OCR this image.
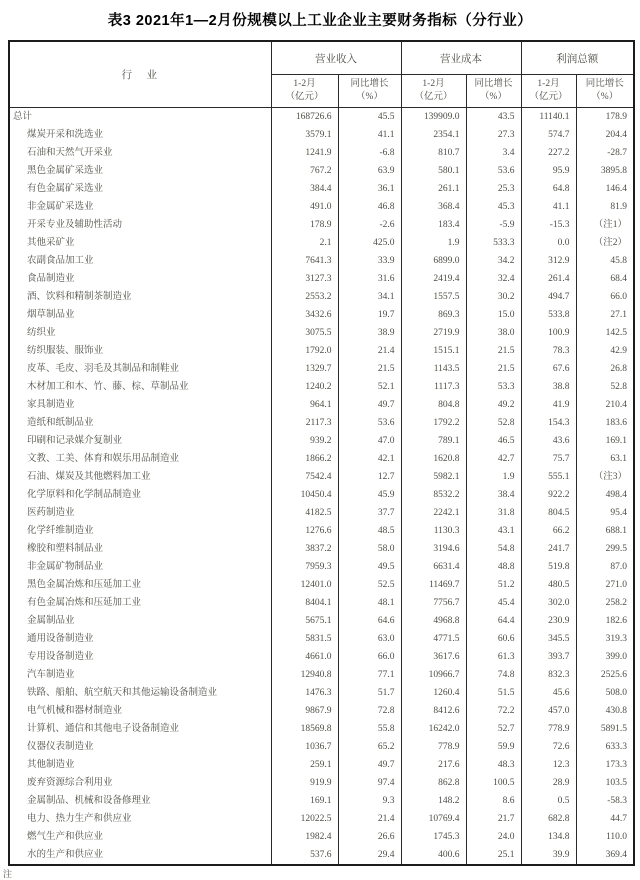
表3 2021年1—2月份规模以上工业企业主要财务指标（分行业）
行　业	营业收入		营业成本		利润总额	

1-2月
（亿元）

同比增长
（%）

1-2月
（亿元）

同比增长
（%）

1-2月
（亿元）

同比增长
（%）

总计	168726.6	45.5	139909.0	43.5	11140.1	178.9
煤炭开采和洗选业	3579.1	41.1	2354.1	27.3	574.7	204.4
石油和天然气开采业	1241.9	-6.8	810.7	3.4	227.2	-28.7
黑色金属矿采选业	767.2	63.9	580.1	53.6	95.9	3895.8
有色金属矿采选业	384.4	36.1	261.1	25.3	64.8	146.4
非金属矿采选业	491.0	46.8	368.4	45.3	41.1	81.9
开采专业及辅助性活动	178.9	-2.6	183.4	-5.9	-15.3	（注1）
其他采矿业	2.1	425.0	1.9	533.3	0.0	（注2）
农副食品加工业	7641.3	33.9	6899.0	34.2	312.9	45.8
食品制造业	3127.3	31.6	2419.4	32.4	261.4	68.4
酒、饮料和精制茶制造业	2553.2	34.1	1557.5	30.2	494.7	66.0
烟草制品业	3432.6	19.7	869.3	15.0	533.8	27.1
纺织业	3075.5	38.9	2719.9	38.0	100.9	142.5
纺织服装、服饰业	1792.0	21.4	1515.1	21.5	78.3	42.9
皮革、毛皮、羽毛及其制品和制鞋业	1329.7	21.5	1143.5	21.5	67.6	26.8
木材加工和木、竹、藤、棕、草制品业	1240.2	52.1	1117.3	53.3	38.8	52.8
家具制造业	964.1	49.7	804.8	49.2	41.9	210.4
造纸和纸制品业	2117.3	53.6	1792.2	52.8	154.3	183.6
印刷和记录媒介复制业	939.2	47.0	789.1	46.5	43.6	169.1
文教、工美、体育和娱乐用品制造业	1866.2	42.1	1620.8	42.7	75.7	63.1
石油、煤炭及其他燃料加工业	7542.4	12.7	5982.1	1.9	555.1	（注3）
化学原料和化学制品制造业	10450.4	45.9	8532.2	38.4	922.2	498.4
医药制造业	4182.5	37.7	2242.1	31.8	804.5	95.4
化学纤维制造业	1276.6	48.5	1130.3	43.1	66.2	688.1
橡胶和塑料制品业	3837.2	58.0	3194.6	54.8	241.7	299.5
非金属矿物制品业	7959.3	49.5	6631.4	48.8	519.8	87.0
黑色金属冶炼和压延加工业	12401.0	52.5	11469.7	51.2	480.5	271.0
有色金属冶炼和压延加工业	8404.1	48.1	7756.7	45.4	302.0	258.2
金属制品业	5675.1	64.6	4968.8	64.4	230.9	182.6
通用设备制造业	5831.5	63.0	4771.5	60.6	345.5	319.3
专用设备制造业	4661.0	66.0	3617.6	61.3	393.7	399.0
汽车制造业	12940.8	77.1	10966.7	74.8	832.3	2525.6
铁路、船舶、航空航天和其他运输设备制造业	1476.3	51.7	1260.4	51.5	45.6	508.0
电气机械和器材制造业	9867.9	72.8	8412.6	72.2	457.0	430.8
计算机、通信和其他电子设备制造业	18569.8	55.8	16242.0	52.7	778.9	5891.5
仪器仪表制造业	1036.7	65.2	778.9	59.9	72.6	633.3
其他制造业	259.1	49.7	217.6	48.3	12.3	173.3
废弃资源综合利用业	919.9	97.4	862.8	100.5	28.9	103.5
金属制品、机械和设备修理业	169.1	9.3	148.2	8.6	0.5	-58.3
电力、热力生产和供应业	12022.5	21.4	10769.4	21.7	682.8	44.7
燃气生产和供应业	1982.4	26.6	1745.3	24.0	134.8	110.0
水的生产和供应业	537.6	29.4	400.6	25.1	39.9	369.4
注
